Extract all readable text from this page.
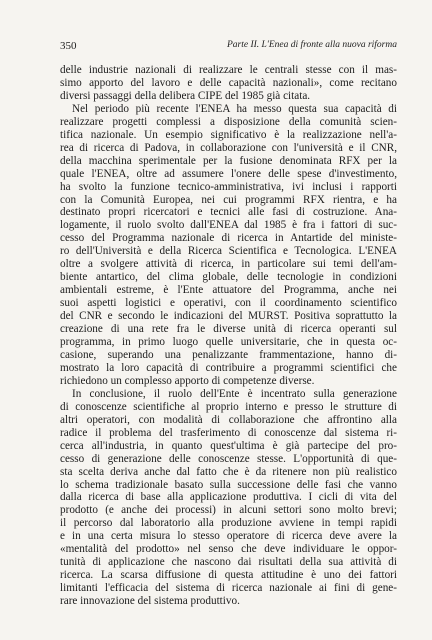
350	Parte II. L'Enea di fronte alla nuova riforma
delle industrie nazionali di realizzare le centrali stesse con il mas-
simo apporto del lavoro e delle capacità nazionali», come recitano
diversi passaggi della delibera CIPE del 1985 già citata.
Nel periodo più recente l'ENEA ha messo questa sua capacità di
realizzare progetti complessi a disposizione della comunità scien-
tifica nazionale. Un esempio significativo è la realizzazione nell'a-
rea di ricerca di Padova, in collaborazione con l'università e il CNR,
della macchina sperimentale per la fusione denominata RFX per la
quale l'ENEA, oltre ad assumere l'onere delle spese d'investimento,
ha svolto la funzione tecnico-amministrativa, ivi inclusi i rapporti
con la Comunità Europea, nei cui programmi RFX rientra, e ha
destinato propri ricercatori e tecnici alle fasi di costruzione. Ana-
logamente, il ruolo svolto dall'ENEA dal 1985 è fra i fattori di suc-
cesso del Programma nazionale di ricerca in Antartide del ministe-
ro dell'Università e della Ricerca Scientifica e Tecnologica. L'ENEA
oltre a svolgere attività di ricerca, in particolare sui temi dell'am-
biente antartico, del clima globale, delle tecnologie in condizioni
ambientali estreme, è l'Ente attuatore del Programma, anche nei
suoi aspetti logistici e operativi, con il coordinamento scientifico
del CNR e secondo le indicazioni del MURST. Positiva soprattutto la
creazione di una rete fra le diverse unità di ricerca operanti sul
programma, in primo luogo quelle universitarie, che in questa oc-
casione, superando una penalizzante frammentazione, hanno di-
mostrato la loro capacità di contribuire a programmi scientifici che
richiedono un complesso apporto di competenze diverse.
In conclusione, il ruolo dell'Ente è incentrato sulla generazione
di conoscenze scientifiche al proprio interno e presso le strutture di
altri operatori, con modalità di collaborazione che affrontino alla
radice il problema del trasferimento di conoscenze dal sistema ri-
cerca all'industria, in quanto quest'ultima è già partecipe del pro-
cesso di generazione delle conoscenze stesse. L'opportunità di que-
sta scelta deriva anche dal fatto che è da ritenere non più realistico
lo schema tradizionale basato sulla successione delle fasi che vanno
dalla ricerca di base alla applicazione produttiva. I cicli di vita del
prodotto (e anche dei processi) in alcuni settori sono molto brevi;
il percorso dal laboratorio alla produzione avviene in tempi rapidi
e in una certa misura lo stesso operatore di ricerca deve avere la
«mentalità del prodotto» nel senso che deve individuare le oppor-
tunità di applicazione che nascono dai risultati della sua attività di
ricerca. La scarsa diffusione di questa attitudine è uno dei fattori
limitanti l'efficacia del sistema di ricerca nazionale ai fini di gene-
rare innovazione del sistema produttivo.
